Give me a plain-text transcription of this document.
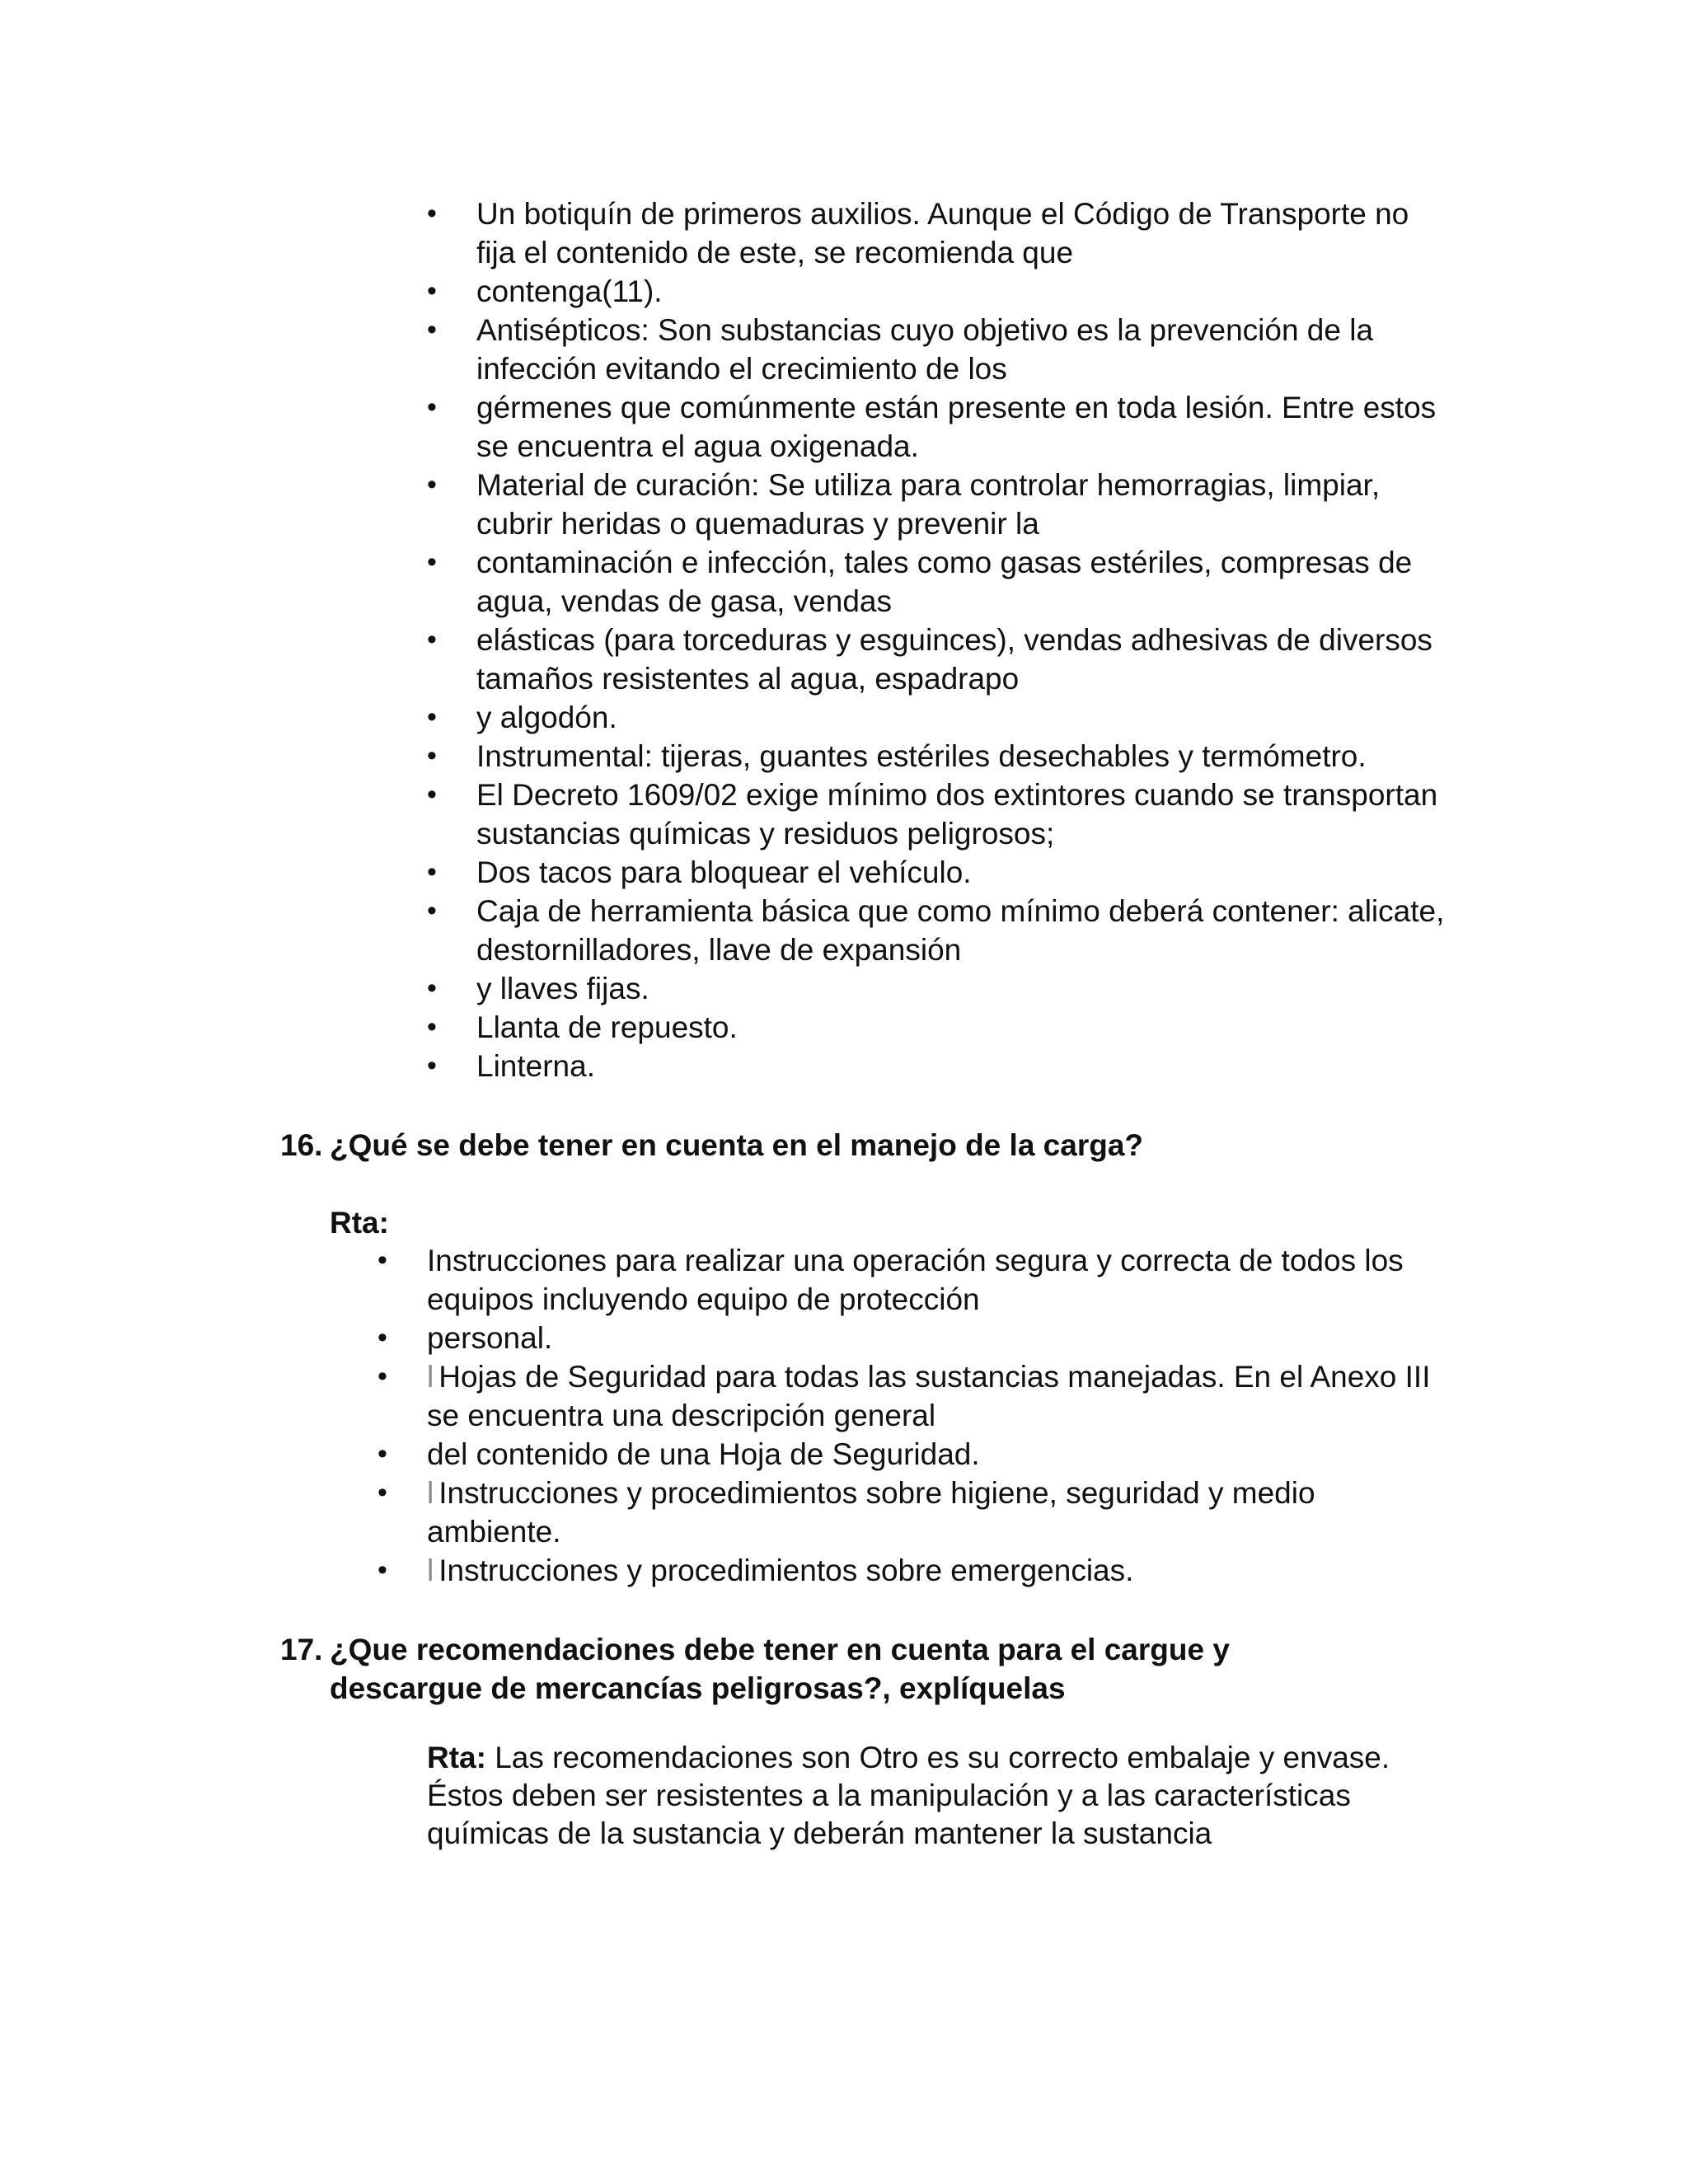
• Un botiquín de primeros auxilios. Aunque el Código de Transporte no fija el contenido de este, se recomienda que
• contenga(11).
• Antisépticos: Son substancias cuyo objetivo es la prevención de la infección evitando el crecimiento de los
• gérmenes que comúnmente están presente en toda lesión. Entre estos se encuentra el agua oxigenada.
• Material de curación: Se utiliza para controlar hemorragias, limpiar, cubrir heridas o quemaduras y prevenir la
• contaminación e infección, tales como gasas estériles, compresas de agua, vendas de gasa, vendas
• elásticas (para torceduras y esguinces), vendas adhesivas de diversos tamaños resistentes al agua, espadrapo
• y algodón.
• Instrumental: tijeras, guantes estériles desechables y termómetro.
• El Decreto 1609/02 exige mínimo dos extintores cuando se transportan sustancias químicas y residuos peligrosos;
• Dos tacos para bloquear el vehículo.
• Caja de herramienta básica que como mínimo deberá contener: alicate, destornilladores, llave de expansión
• y llaves fijas.
• Llanta de repuesto.
• Linterna.
16. ¿Qué se debe tener en cuenta en el manejo de la carga?
Rta:
• Instrucciones para realizar una operación segura y correcta de todos los equipos incluyendo equipo de protección
• personal.
• l Hojas de Seguridad para todas las sustancias manejadas. En el Anexo III se encuentra una descripción general
• del contenido de una Hoja de Seguridad.
• l Instrucciones y procedimientos sobre higiene, seguridad y medio ambiente.
• l Instrucciones y procedimientos sobre emergencias.
17. ¿Que recomendaciones debe tener en cuenta para el cargue y descargue de mercancías peligrosas?, explíquelas
Rta: Las recomendaciones son Otro es su correcto embalaje y envase. Éstos deben ser resistentes a la manipulación y a las características químicas de la sustancia y deberán mantener la sustancia
